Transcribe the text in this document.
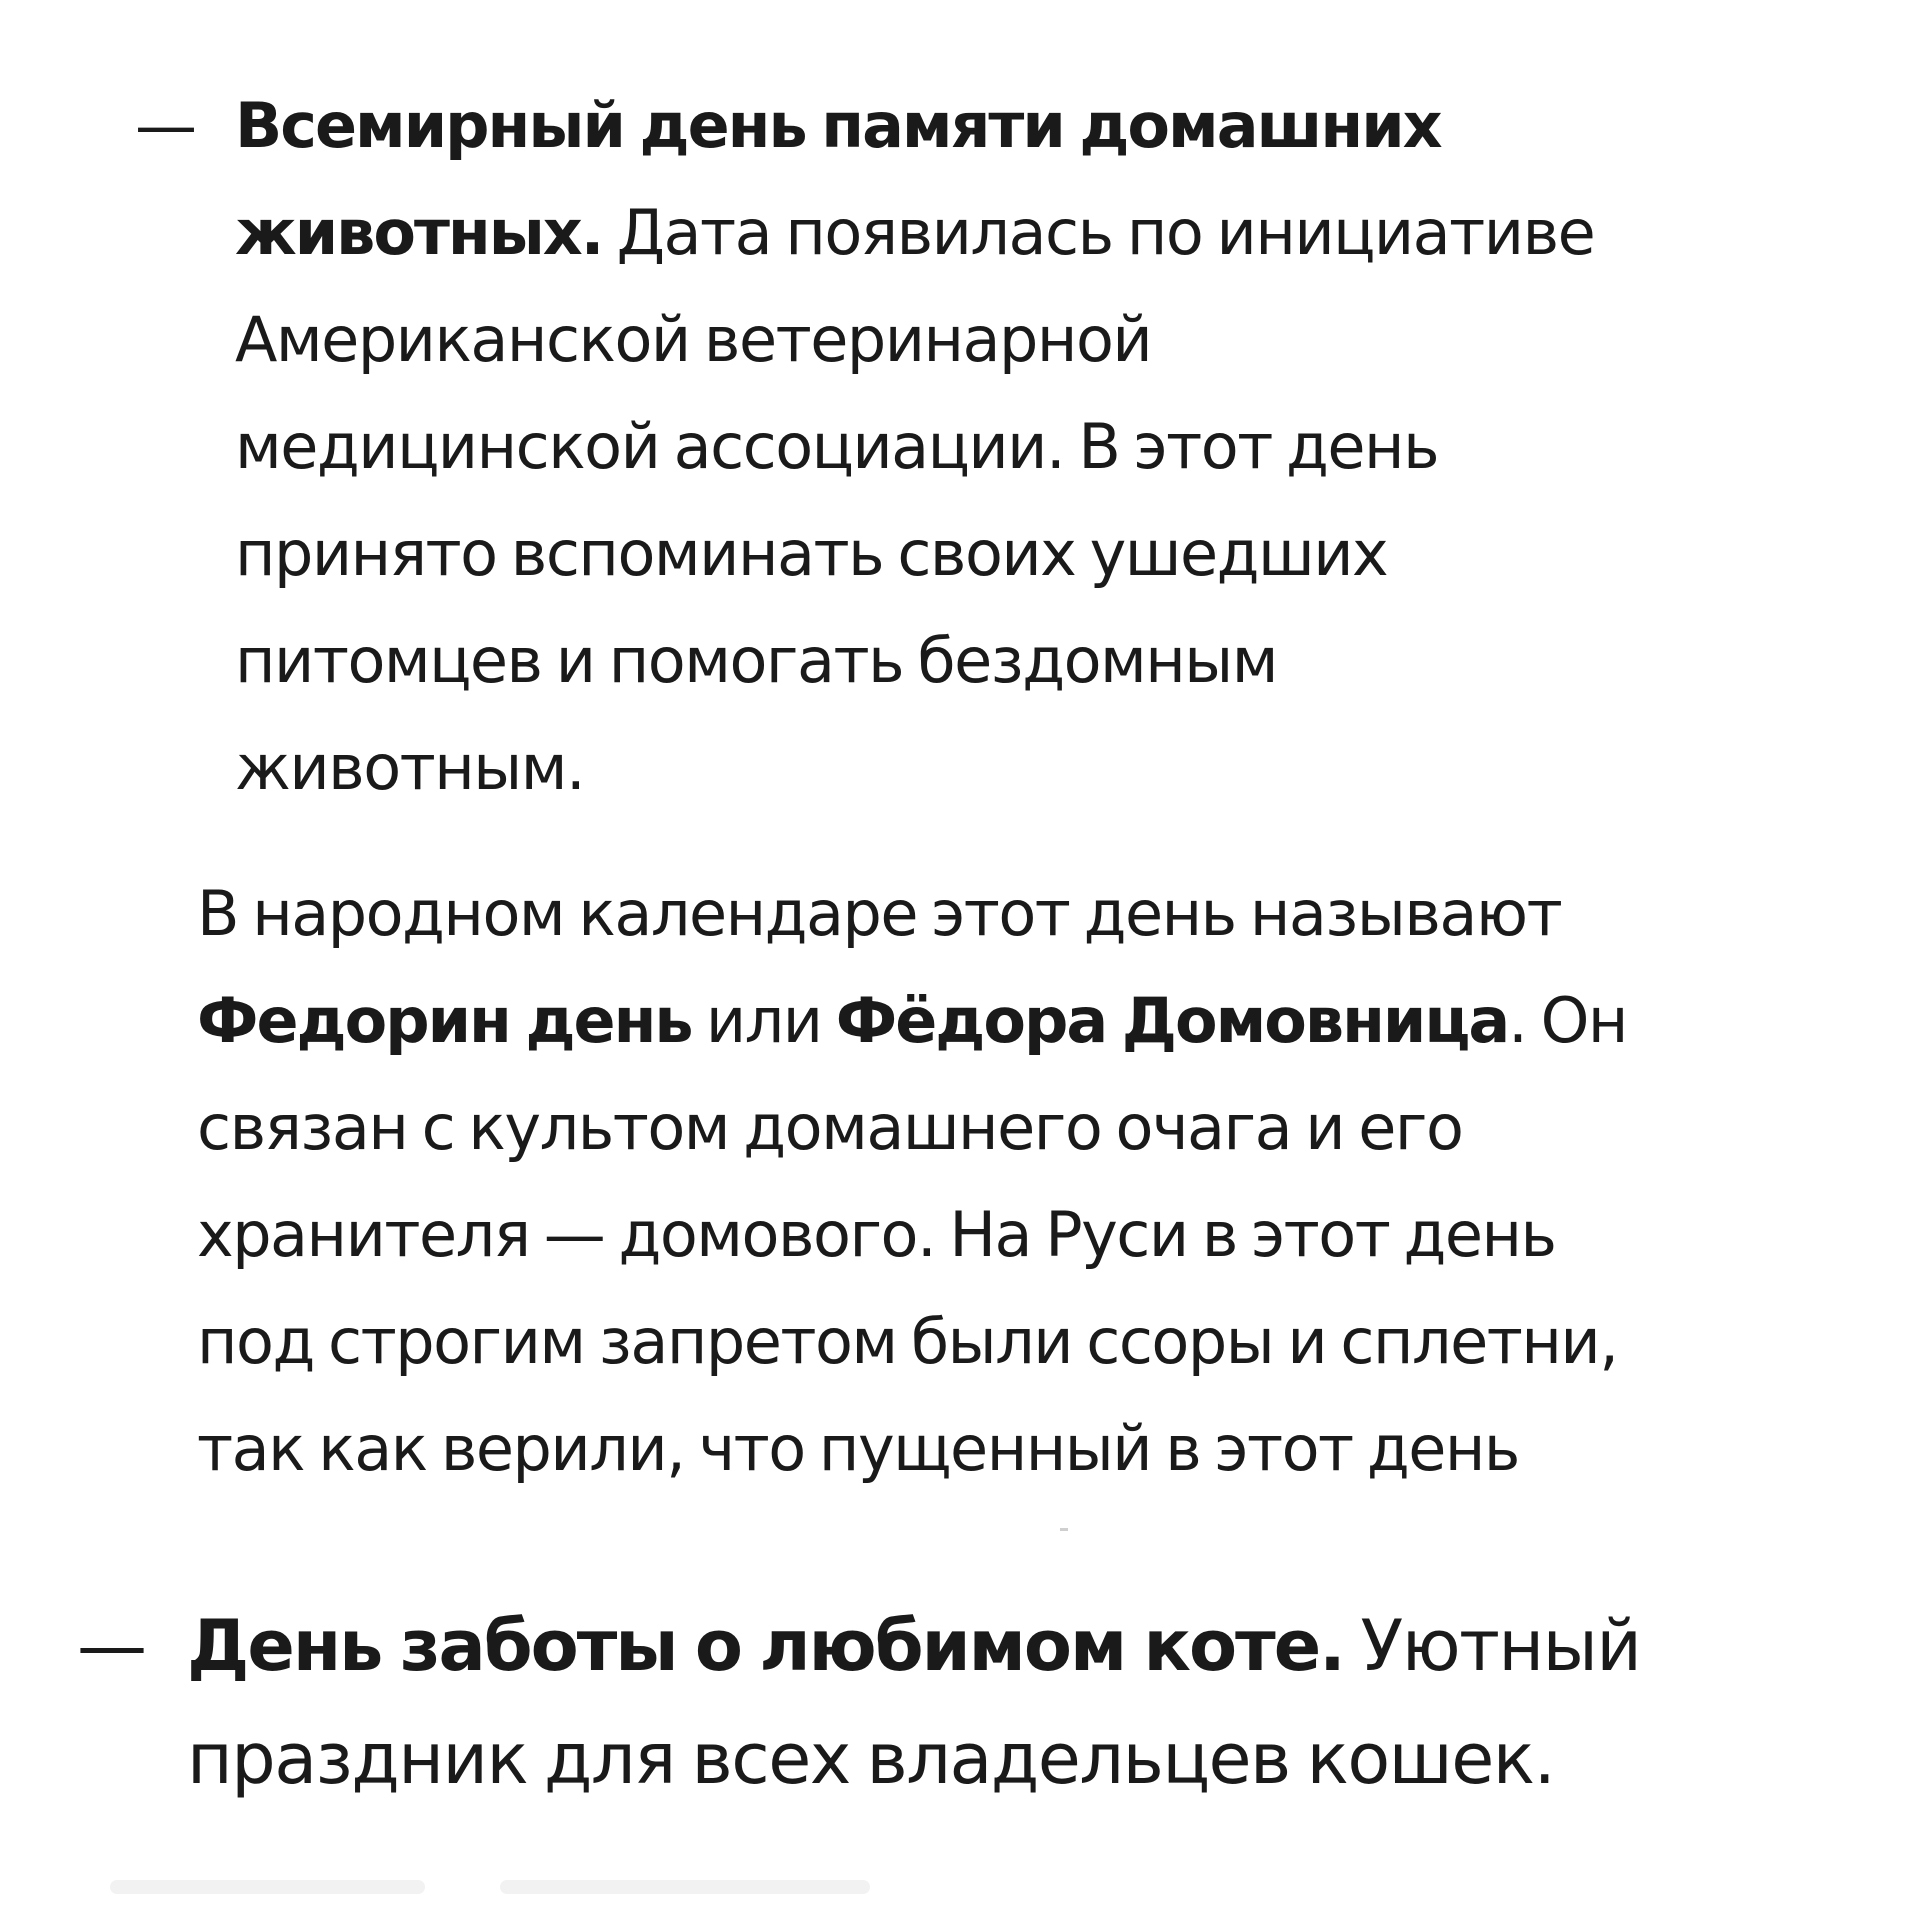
— Всемирный день памяти домашних
животных. Дата появилась по инициативе
Американской ветеринарной
медицинской ассоциации. В этот день
принято вспоминать своих ушедших
питомцев и помогать бездомным
животным.
В народном календаре этот день называют
Федорин день или Фёдора Домовница. Он
связан с культом домашнего очага и его
хранителя — домового. На Руси в этот день
под строгим запретом были ссоры и сплетни,
так как верили, что пущенный в этот день
— День заботы о любимом коте. Уютный
праздник для всех владельцев кошек.
